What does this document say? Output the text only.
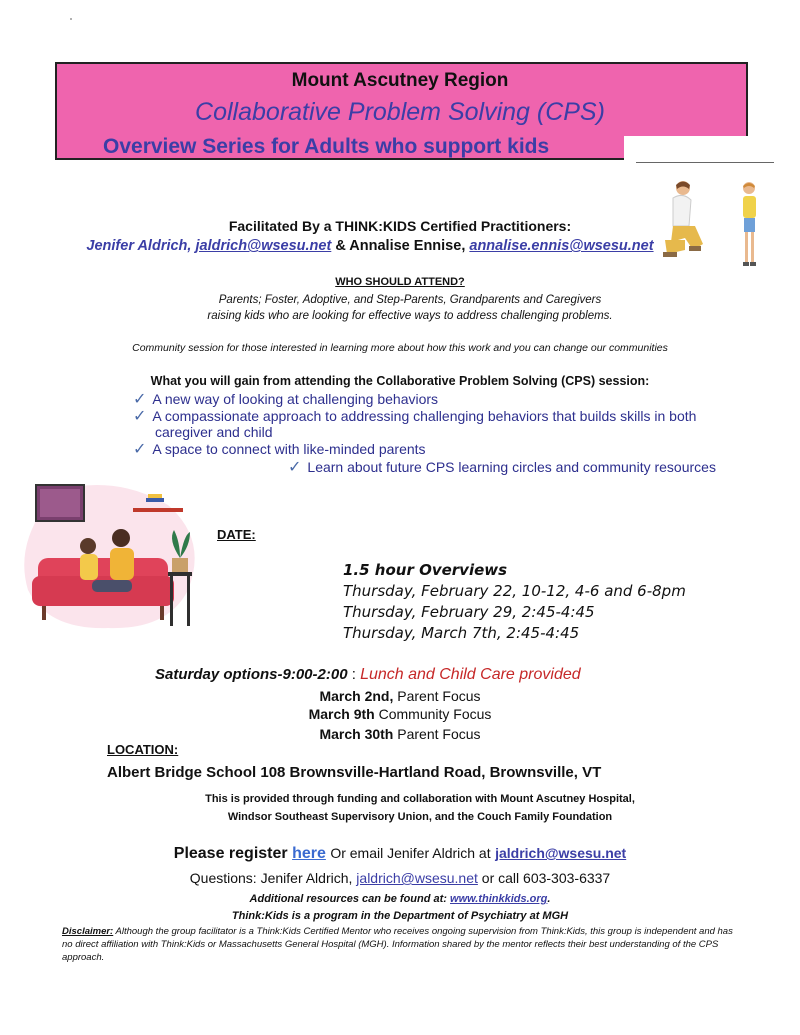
Mount Ascutney Region
Collaborative Problem Solving (CPS)
Overview Series for Adults who support kids
Facilitated By a THINK:KIDS Certified Practitioners:
Jenifer Aldrich, jaldrich@wsesu.net & Annalise Ennise, annalise.ennis@wsesu.net
WHO SHOULD ATTEND?
Parents; Foster, Adoptive, and Step-Parents, Grandparents and Caregivers
raising kids who are looking for effective ways to address challenging problems.
Community session for those interested in learning more about how this work and you can change our communities
What you will gain from attending the Collaborative Problem Solving (CPS) session:
✓ A new way of looking at challenging behaviors
✓ A compassionate approach to addressing challenging behaviors that builds skills in both
caregiver and child
✓ A space to connect with like-minded parents
✓ Learn about future CPS learning circles and community resources
DATE:
1.5 hour Overviews
Thursday, February 22, 10-12, 4-6 and 6-8pm
Thursday, February 29, 2:45-4:45
Thursday, March 7th, 2:45-4:45
Saturday options-9:00-2:00 : Lunch and Child Care provided
March 2nd, Parent Focus
March 9th Community Focus
March 30th Parent Focus
LOCATION:
Albert Bridge School 108 Brownsville-Hartland Road, Brownsville, VT
This is provided through funding and collaboration with Mount Ascutney Hospital,
Windsor Southeast Supervisory Union, and the Couch Family Foundation
Please register here Or email Jenifer Aldrich at jaldrich@wsesu.net
Questions: Jenifer Aldrich, jaldrich@wsesu.net or call 603-303-6337
Additional resources can be found at: www.thinkkids.org.
Think:Kids is a program in the Department of Psychiatry at MGH
Disclaimer: Although the group facilitator is a Think:Kids Certified Mentor who receives ongoing supervision from Think:Kids, this group is independent and has no direct affiliation with Think:Kids or Massachusetts General Hospital (MGH). Information shared by the mentor reflects their best understanding of the CPS approach.
